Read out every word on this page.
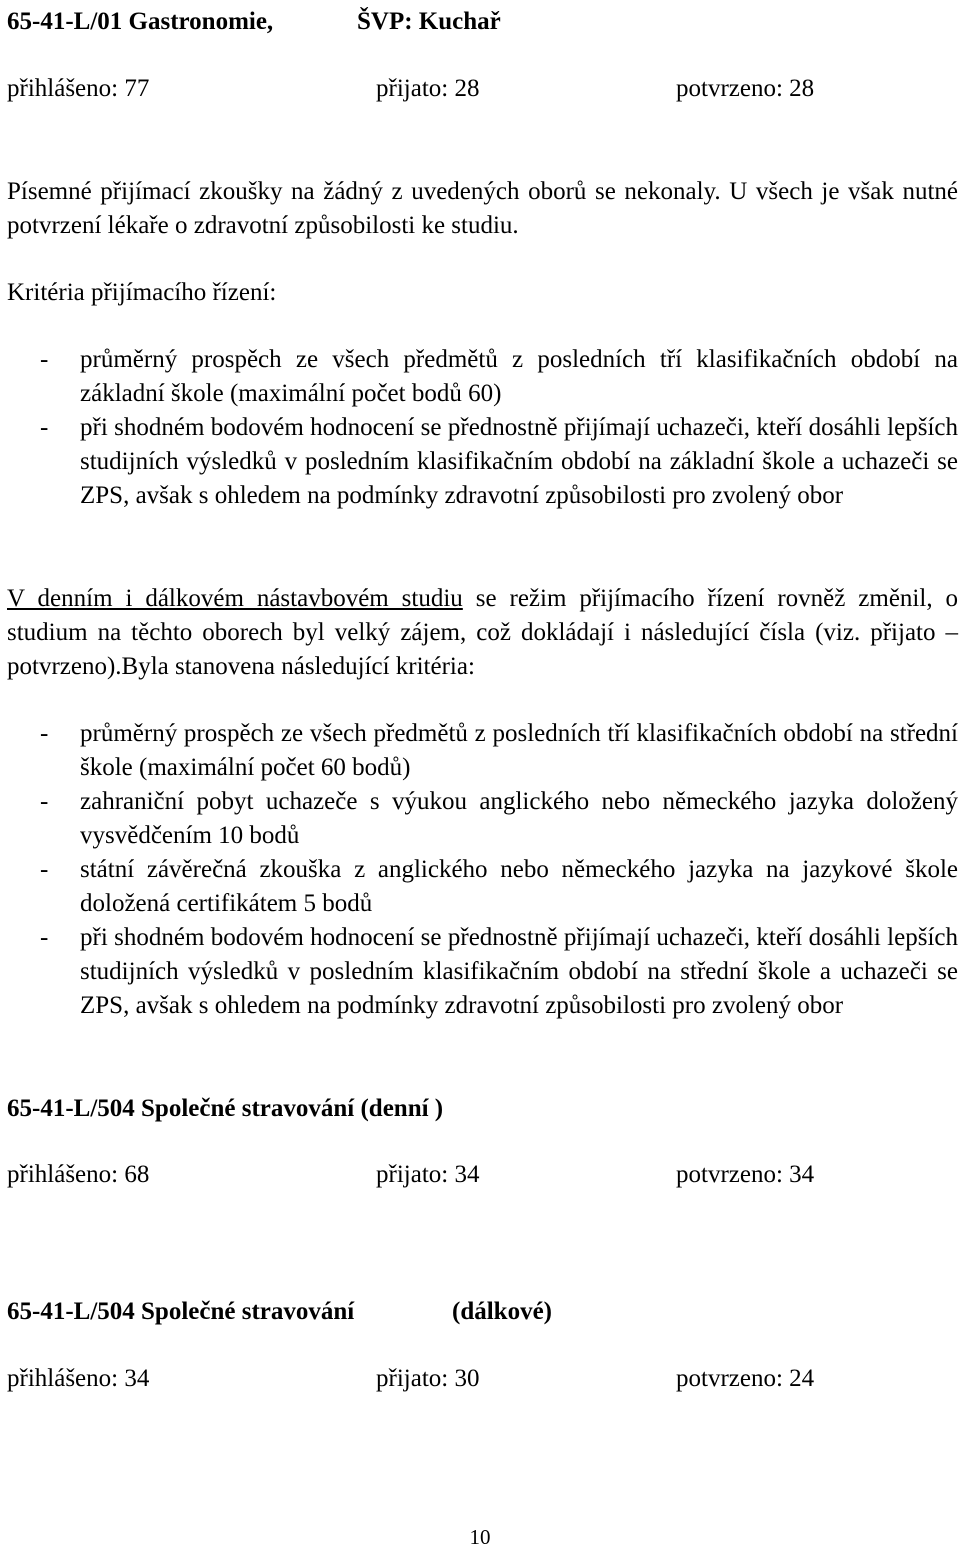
65-41-L/01 Gastronomie,	ŠVP: Kuchař
přihlášeno: 77	přijato: 28	potvrzeno: 28
Písemné přijímací zkoušky na žádný z uvedených oborů se nekonaly. U všech je však nutné potvrzení lékaře o zdravotní způsobilosti ke studiu.
Kritéria přijímacího řízení:
- průměrný prospěch ze všech předmětů z posledních tří klasifikačních období na základní škole (maximální počet bodů 60)
- při shodném bodovém hodnocení se přednostně přijímají uchazeči, kteří dosáhli lepších studijních výsledků v posledním klasifikačním období na základní škole a uchazeči se ZPS, avšak s ohledem na podmínky zdravotní způsobilosti pro zvolený obor
V denním i dálkovém nástavbovém studiu se režim přijímacího řízení rovněž změnil, o studium na těchto oborech byl velký zájem, což dokládají i následující čísla (viz. přijato – potvrzeno).Byla stanovena následující kritéria:
- průměrný prospěch ze všech předmětů z posledních tří klasifikačních období na střední škole (maximální počet 60 bodů)
- zahraniční pobyt uchazeče s výukou anglického nebo německého jazyka doložený vysvědčením 10 bodů
- státní závěrečná zkouška z anglického nebo německého jazyka na jazykové škole doložená certifikátem 5 bodů
- při shodném bodovém hodnocení se přednostně přijímají uchazeči, kteří dosáhli lepších studijních výsledků v posledním klasifikačním období na střední škole a uchazeči se ZPS, avšak s ohledem na podmínky zdravotní způsobilosti pro zvolený obor
65-41-L/504 Společné stravování (denní )
přihlášeno: 68	přijato: 34	potvrzeno: 34
65-41-L/504 Společné stravování	(dálkové)
přihlášeno: 34	přijato: 30	potvrzeno: 24
10
